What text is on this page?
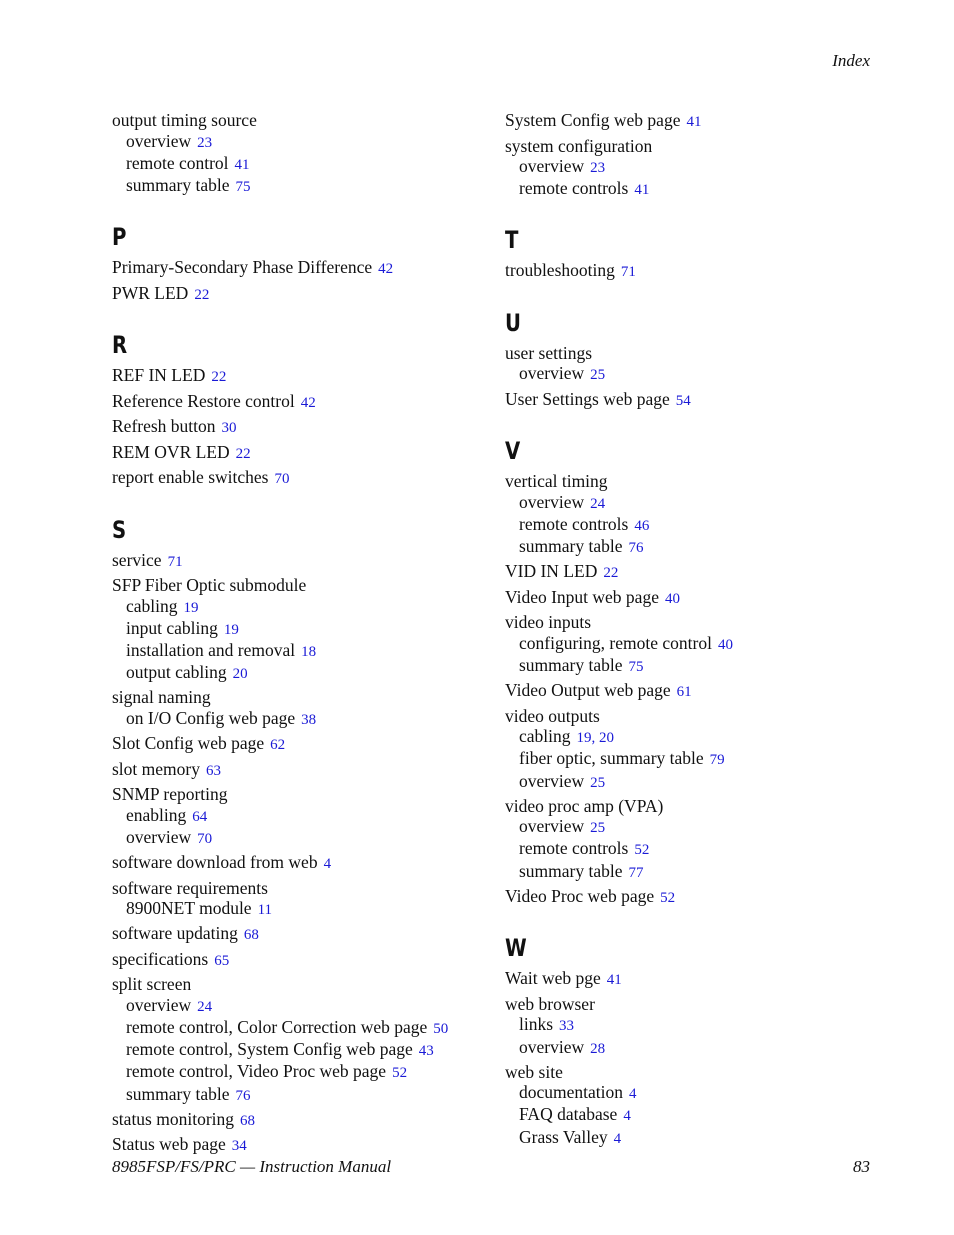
Index
output timing source
overview 23
remote control 41
summary table 75
P
Primary-Secondary Phase Difference 42
PWR LED 22
R
REF IN LED 22
Reference Restore control 42
Refresh button 30
REM OVR LED 22
report enable switches 70
S
service 71
SFP Fiber Optic submodule
cabling 19
input cabling 19
installation and removal 18
output cabling 20
signal naming
on I/O Config web page 38
Slot Config web page 62
slot memory 63
SNMP reporting
enabling 64
overview 70
software download from web 4
software requirements
8900NET module 11
software updating 68
specifications 65
split screen
overview 24
remote control, Color Correction web page 50
remote control, System Config web page 43
remote control, Video Proc web page 52
summary table 76
status monitoring 68
Status web page 34
System Config web page 41
system configuration
overview 23
remote controls 41
T
troubleshooting 71
U
user settings
overview 25
User Settings web page 54
V
vertical timing
overview 24
remote controls 46
summary table 76
VID IN LED 22
Video Input web page 40
video inputs
configuring, remote control 40
summary table 75
Video Output web page 61
video outputs
cabling 19, 20
fiber optic, summary table 79
overview 25
video proc amp (VPA)
overview 25
remote controls 52
summary table 77
Video Proc web page 52
W
Wait web pge 41
web browser
links 33
overview 28
web site
documentation 4
FAQ database 4
Grass Valley 4
8985FSP/FS/PRC — Instruction Manual	83
